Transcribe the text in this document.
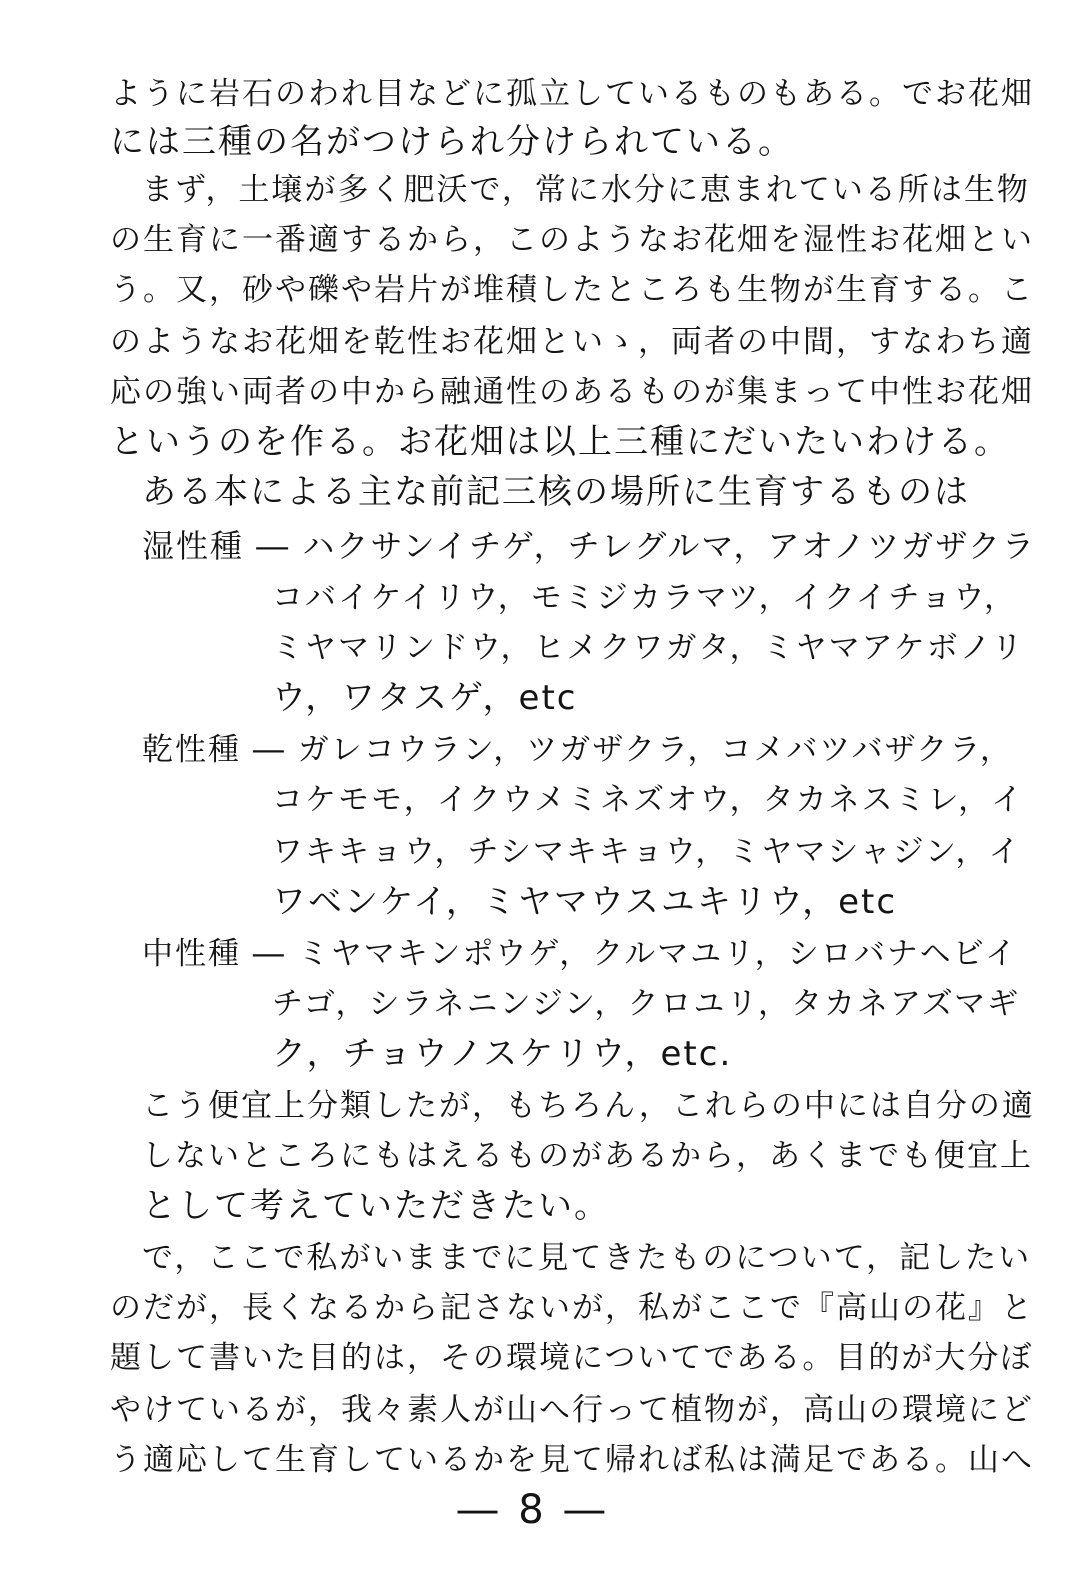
ように岩石のわれ目などに孤立しているものもある。でお花畑
には三種の名がつけられ分けられている。
まず，土壌が多く肥沃で，常に水分に恵まれている所は生物
の生育に一番適するから，このようなお花畑を湿性お花畑とい
う。又，砂や礫や岩片が堆積したところも生物が生育する。こ
のようなお花畑を乾性お花畑といゝ，両者の中間，すなわち適
応の強い両者の中から融通性のあるものが集まって中性お花畑
というのを作る。お花畑は以上三種にだいたいわける。
ある本による主な前記三核の場所に生育するものは
湿性種 ― ハクサンイチゲ，チレグルマ，アオノツガザクラ
コバイケイリウ，モミジカラマツ，イクイチョウ，
ミヤマリンドウ，ヒメクワガタ，ミヤマアケボノリ
ウ，ワタスゲ，etc
乾性種 ― ガレコウラン，ツガザクラ，コメバツバザクラ，
コケモモ，イクウメミネズオウ，タカネスミレ，イ
ワキキョウ，チシマキキョウ，ミヤマシャジン，イ
ワベンケイ，ミヤマウスユキリウ，etc
中性種 ― ミヤマキンポウゲ，クルマユリ，シロバナヘビイ
チゴ，シラネニンジン，クロユリ，タカネアズマギ
ク，チョウノスケリウ，etc.
こう便宜上分類したが，もちろん，これらの中には自分の適
しないところにもはえるものがあるから，あくまでも便宜上
として考えていただきたい。
で，ここで私がいままでに見てきたものについて，記したい
のだが，長くなるから記さないが，私がここで『高山の花』と
題して書いた目的は，その環境についてである。目的が大分ぼ
やけているが，我々素人が山へ行って植物が，高山の環境にど
う適応して生育しているかを見て帰れば私は満足である。山へ
― 8 ―
